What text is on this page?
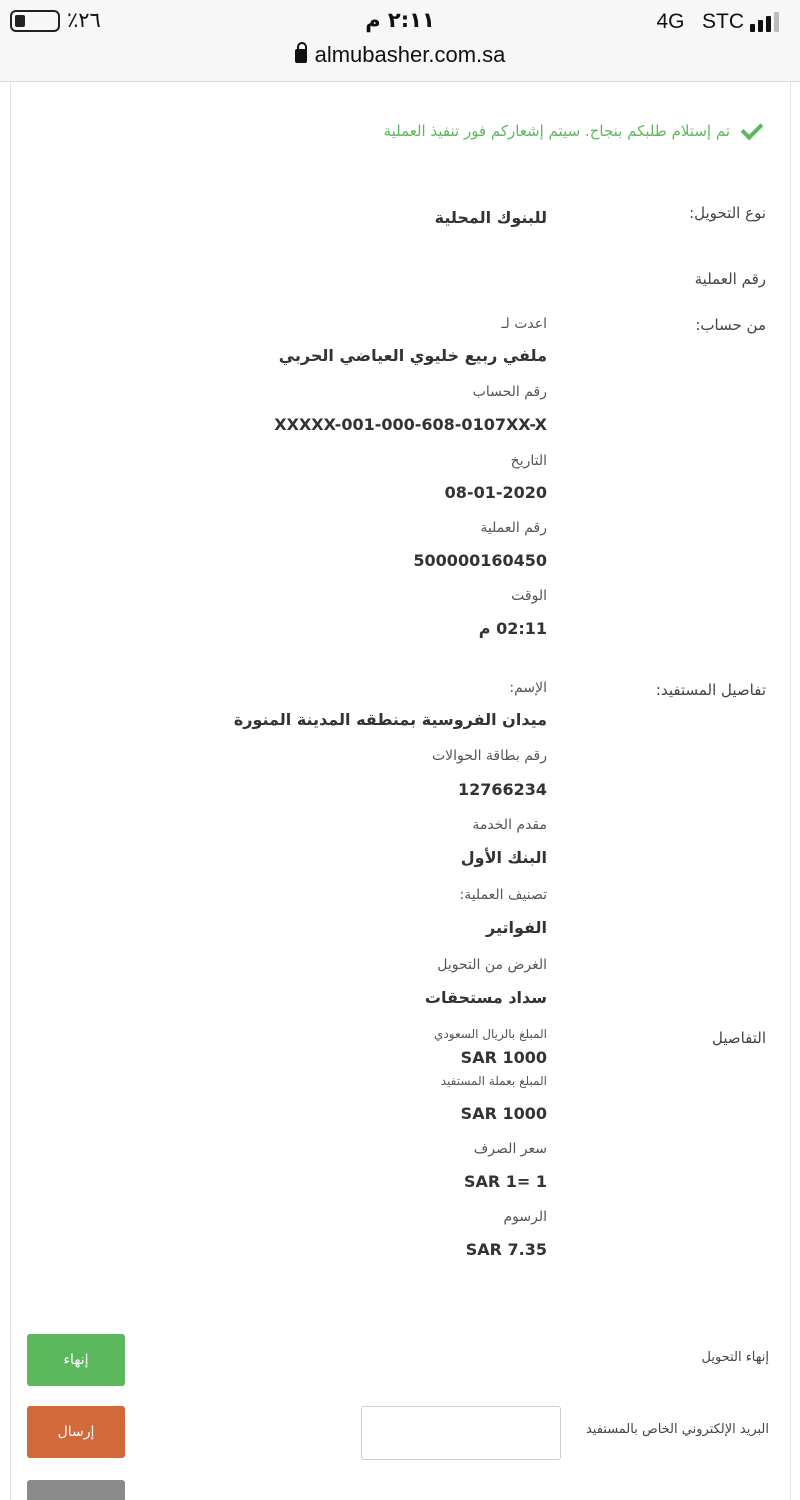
٪٢٦	٢:١١ م	4G STC
almubasher.com.sa
تم إستلام طلبكم بنجاح. سيتم إشعاركم فور تنفيذ العملية
نوع التحويل:
للبنوك المحلية
رقم العملية
من حساب:
اعدت لـ
ملفي ربيع خليوي العياضي الحربي
رقم الحساب
XXXXX-001-000-608-0107XX-X
التاريخ
08-01-2020
رقم العملية
500000160450
الوقت
02:11 م
تفاصيل المستفيد:
الإسم:
ميدان الفروسية بمنطقه المدينة المنورة
رقم بطاقة الحوالات
12766234
مقدم الخدمة
البنك الأول
تصنيف العملية:
الفواتير
الغرض من التحويل
سداد مستحقات
التفاصيل
المبلغ بالريال السعودي
SAR 1000
المبلغ بعملة المستفيد
SAR 1000
سعر الصرف
SAR 1= 1
الرسوم
SAR 7.35
إنهاء التحويل
إنهاء
البريد الإلكتروني الخاص بالمستفيد
إرسال
